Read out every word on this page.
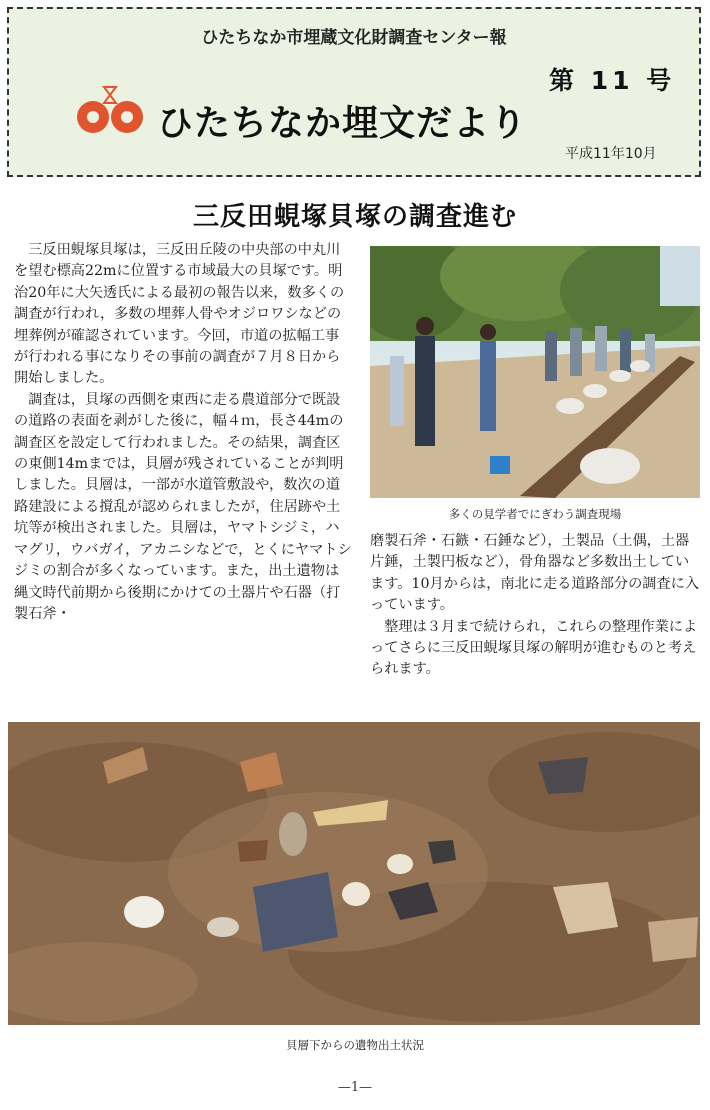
ひたちなか市埋蔵文化財調査センター報
第 11 号
ひたちなか埋文だより
平成11年10月
三反田蜆塚貝塚の調査進む

三反田蜆塚貝塚は，三反田丘陵の中央部の中丸川を望む標高22mに位置する市域最大の貝塚です。明治20年に大矢透氏による最初の報告以来，数多くの調査が行われ，多数の埋葬人骨やオジロワシなどの埋葬例が確認されています。今回，市道の拡幅工事が行われる事になりその事前の調査が７月８日から開始しました。

調査は，貝塚の西側を東西に走る農道部分で既設の道路の表面を剥がした後に，幅４ｍ，長さ44mの調査区を設定して行われました。その結果，調査区の東側14mまでは，貝層が残されていることが判明しました。貝層は，一部が水道管敷設や，数次の道路建設による撹乱が認められましたが，住居跡や土坑等が検出されました。貝層は，ヤマトシジミ，ハマグリ，ウバガイ，アカニシなどで，とくにヤマトシジミの割合が多くなっています。また，出土遺物は縄文時代前期から後期にかけての土器片や石器（打製石斧・

多くの見学者でにぎわう調査現場

磨製石斧・石鏃・石錘など），土製品（土偶，土器片錘，土製円板など），骨角器など多数出土しています。10月からは，南北に走る道路部分の調査に入っています。

整理は３月まで続けられ，これらの整理作業によってさらに三反田蜆塚貝塚の解明が進むものと考えられます。

貝層下からの遺物出土状況
—1—
